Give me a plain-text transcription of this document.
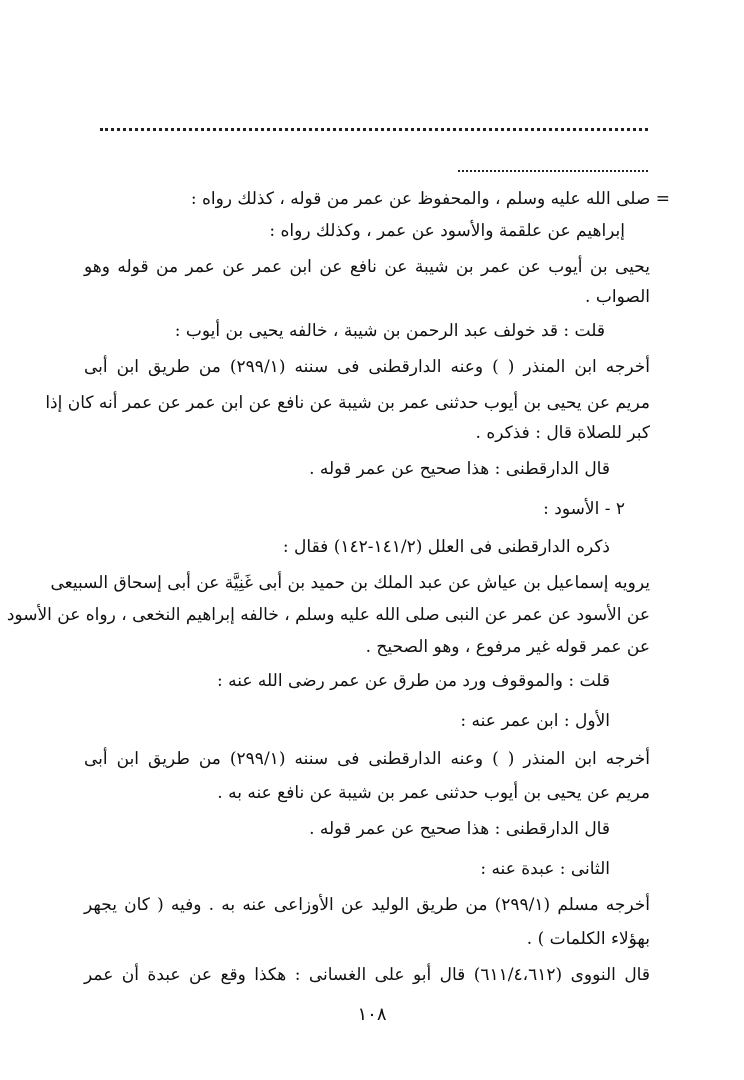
= صلى الله عليه وسلم ، والمحفوظ عن عمر من قوله ، كذلك رواه :
إبراهيم عن علقمة والأسود عن عمر ، وكذلك رواه :
يحيى بن أيوب عن عمر بن شيبة عن نافع عن ابن عمر عن عمر من قوله وهو
الصواب .
قلت : قد خولف عبد الرحمن بن شيبة ، خالفه يحيى بن أيوب :
أخرجه ابن المنذر ( ) وعنه الدارقطنى فى سننه (٢٩٩/١) من طريق ابن أبى
مريم عن يحيى بن أيوب حدثنى عمر بن شيبة عن نافع عن ابن عمر عن عمر أنه كان إذا
كبر للصلاة قال : فذكره .
قال الدارقطنى : هذا صحيح عن عمر قوله .
٢ - الأسود :
ذكره الدارقطنى فى العلل (١٤١/٢-١٤٢) فقال :
يرويه إسماعيل بن عياش عن عبد الملك بن حميد بن أبى غَنِيَّة عن أبى إسحاق السبيعى
عن الأسود عن عمر عن النبى صلى الله عليه وسلم ، خالفه إبراهيم النخعى ، رواه عن الأسود
عن عمر قوله غير مرفوع ، وهو الصحيح .
قلت : والموقوف ورد من طرق عن عمر رضى الله عنه :
الأول : ابن عمر عنه :
أخرجه ابن المنذر ( ) وعنه الدارقطنى فى سننه (٢٩٩/١) من طريق ابن أبى
مريم عن يحيى بن أيوب حدثنى عمر بن شيبة عن نافع عنه به .
قال الدارقطنى : هذا صحيح عن عمر قوله .
الثانى : عبدة عنه :
أخرجه مسلم (٢٩٩/١) من طريق الوليد عن الأوزاعى عنه به . وفيه ( كان يجهر
بهؤلاء الكلمات ) .
قال النووى (٦١١/٤،٦١٢) قال أبو على الغسانى : هكذا وقع عن عبدة أن عمر
١٠٨
